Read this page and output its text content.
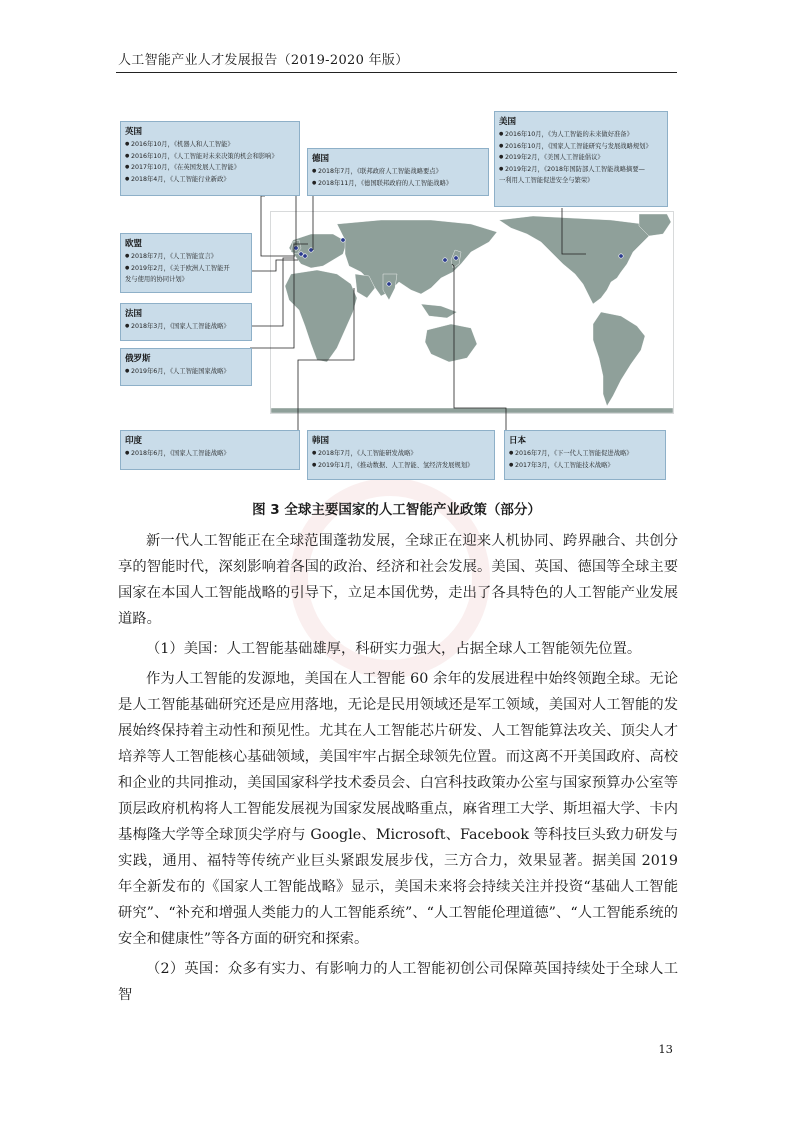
人工智能产业人才发展报告（2019-2020 年版）
英国
● 2016年10月，《机器人和人工智能》
● 2016年10月，《人工智能对未来决策的机会和影响》
● 2017年10月，《在英国发展人工智能》
● 2018年4月，《人工智能行业新政》
德国
● 2018年7月，《联邦政府人工智能战略要点》
● 2018年11月，《德国联邦政府的人工智能战略》
美国
● 2016年10月，《为人工智能的未来做好准备》
● 2016年10月，《国家人工智能研究与发展战略规划》
● 2019年2月，《美国人工智能倡议》
● 2019年2月，《2018年国防部人工智能战略摘要—
一利用人工智能促进安全与繁荣》
欧盟
● 2018年7月，《人工智能宣言》
● 2019年2月，《关于欧洲人工智能开
发与使用的协同计划》
法国
● 2018年3月，《国家人工智能战略》
俄罗斯
● 2019年6月，《人工智能国家战略》
印度
● 2018年6月，《国家人工智能战略》
韩国
● 2018年7月，《人工智能研发战略》
● 2019年1月，《推动数据、人工智能、氢经济发展规划》
日本
● 2016年7月，《下一代人工智能促进战略》
● 2017年3月，《人工智能技术战略》
图 3 全球主要国家的人工智能产业政策（部分）

新一代人工智能正在全球范围蓬勃发展，全球正在迎来人机协同、跨界融合、共创分享的智能时代，深刻影响着各国的政治、经济和社会发展。美国、英国、德国等全球主要国家在本国人工智能战略的引导下，立足本国优势，走出了各具特色的人工智能产业发展道路。

（1）美国：人工智能基础雄厚，科研实力强大，占据全球人工智能领先位置。

作为人工智能的发源地，美国在人工智能 60 余年的发展进程中始终领跑全球。无论是人工智能基础研究还是应用落地，无论是民用领域还是军工领域，美国对人工智能的发展始终保持着主动性和预见性。尤其在人工智能芯片研发、人工智能算法攻关、顶尖人才培养等人工智能核心基础领域，美国牢牢占据全球领先位置。而这离不开美国政府、高校和企业的共同推动，美国国家科学技术委员会、白宫科技政策办公室与国家预算办公室等顶层政府机构将人工智能发展视为国家发展战略重点，麻省理工大学、斯坦福大学、卡内基梅隆大学等全球顶尖学府与 Google、Microsoft、Facebook 等科技巨头致力研发与实践，通用、福特等传统产业巨头紧跟发展步伐，三方合力，效果显著。据美国 2019 年全新发布的《国家人工智能战略》显示，美国未来将会持续关注并投资“基础人工智能研究”、“补充和增强人类能力的人工智能系统”、“人工智能伦理道德”、“人工智能系统的安全和健康性”等各方面的研究和探索。

（2）英国：众多有实力、有影响力的人工智能初创公司保障英国持续处于全球人工智

13
